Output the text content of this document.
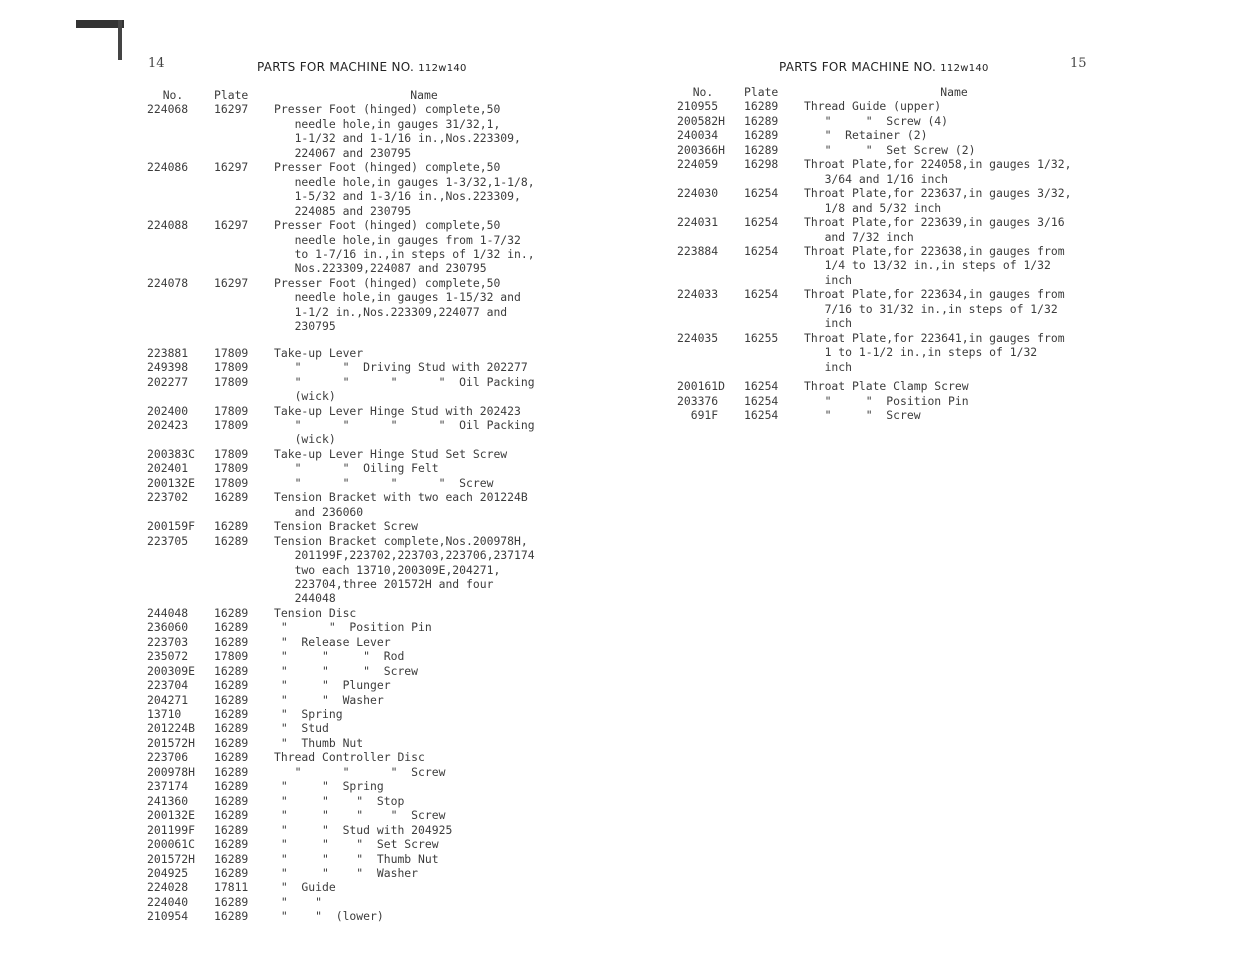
14	PARTS FOR MACHINE NO. 112w140
No.	Plate	Name
224068	16297	Presser Foot (hinged) complete,50
needle hole,in gauges 31/32,1,
1-1/32 and 1-1/16 in.,Nos.223309,
224067 and 230795
224086	16297	Presser Foot (hinged) complete,50
needle hole,in gauges 1-3/32,1-1/8,
1-5/32 and 1-3/16 in.,Nos.223309,
224085 and 230795
224088	16297	Presser Foot (hinged) complete,50
needle hole,in gauges from 1-7/32
to 1-7/16 in.,in steps of 1/32 in.,
Nos.223309,224087 and 230795
224078	16297	Presser Foot (hinged) complete,50
needle hole,in gauges 1-15/32 and
1-1/2 in.,Nos.223309,224077 and
230795
223881	17809	Take-up Lever
249398	17809	"      "  Driving Stud with 202277
202277	17809	"      "      "      "  Oil Packing
(wick)
202400	17809	Take-up Lever Hinge Stud with 202423
202423	17809	"      "      "      "  Oil Packing
(wick)
200383C	17809	Take-up Lever Hinge Stud Set Screw
202401	17809	"      "  Oiling Felt
200132E	17809	"      "      "      "  Screw
223702	16289	Tension Bracket with two each 201224B
and 236060
200159F	16289	Tension Bracket Screw
223705	16289	Tension Bracket complete,Nos.200978H,
201199F,223702,223703,223706,237174
two each 13710,200309E,204271,
223704,three 201572H and four
244048
244048	16289	Tension Disc
236060	16289	"      "  Position Pin
223703	16289	"  Release Lever
235072	17809	"     "     "  Rod
200309E	16289	"     "     "  Screw
223704	16289	"     "  Plunger
204271	16289	"     "  Washer
13710	16289	"  Spring
201224B	16289	"  Stud
201572H	16289	"  Thumb Nut
223706	16289	Thread Controller Disc
200978H	16289	"      "      "  Screw
237174	16289	"     "  Spring
241360	16289	"     "    "  Stop
200132E	16289	"     "    "    "  Screw
201199F	16289	"     "  Stud with 204925
200061C	16289	"     "    "  Set Screw
201572H	16289	"     "    "  Thumb Nut
204925	16289	"     "    "  Washer
224028	17811	"  Guide
224040	16289	"    "
210954	16289	"    "  (lower)
PARTS FOR MACHINE NO. 112w140	15
No.	Plate	Name
210955	16289	Thread Guide (upper)
200582H	16289	"     "  Screw (4)
240034	16289	"  Retainer (2)
200366H	16289	"     "  Set Screw (2)
224059	16298	Throat Plate,for 224058,in gauges 1/32,
3/64 and 1/16 inch
224030	16254	Throat Plate,for 223637,in gauges 3/32,
1/8 and 5/32 inch
224031	16254	Throat Plate,for 223639,in gauges 3/16
and 7/32 inch
223884	16254	Throat Plate,for 223638,in gauges from
1/4 to 13/32 in.,in steps of 1/32
inch
224033	16254	Throat Plate,for 223634,in gauges from
7/16 to 31/32 in.,in steps of 1/32
inch
224035	16255	Throat Plate,for 223641,in gauges from
1 to 1-1/2 in.,in steps of 1/32
inch
200161D	16254	Throat Plate Clamp Screw
203376	16254	"     "  Position Pin
691F	16254	"     "  Screw
